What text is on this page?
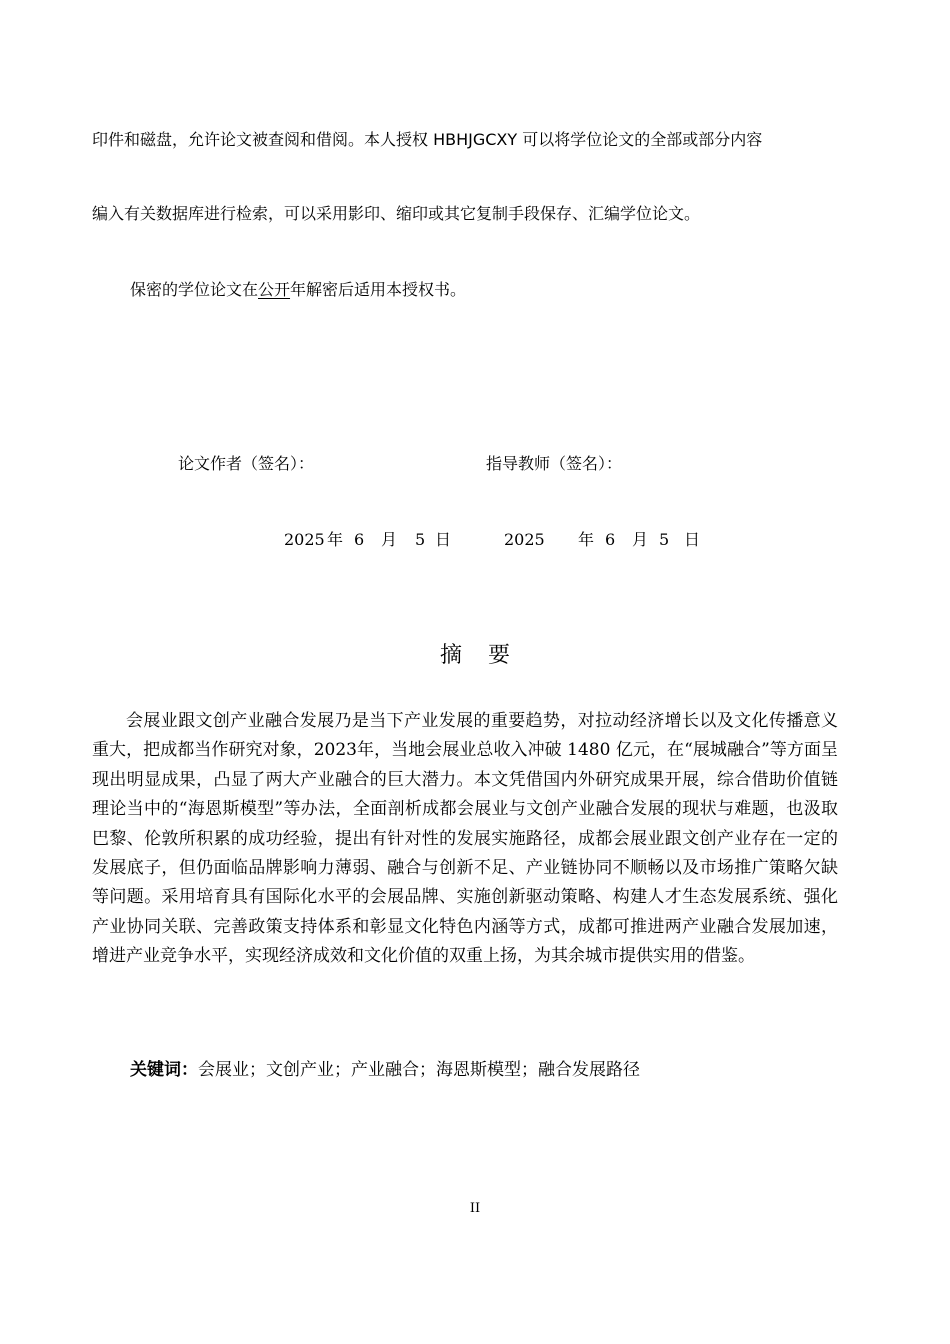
印件和磁盘，允许论文被查阅和借阅。本人授权 HBHJGCXY 可以将学位论文的全部或部分内容
编入有关数据库进行检索，可以采用影印、缩印或其它复制手段保存、汇编学位论文。
保密的学位论文在公开年解密后适用本授权书。
论文作者（签名）：	指导教师（签名）：
2025 年 6 月 5 日	2025 年 6 月 5 日
摘要

会展业跟文创产业融合发展乃是当下产业发展的重要趋势，对拉动经济增长以及文化传播意义重大，把成都当作研究对象，2023年，当地会展业总收入冲破 1480 亿元，在“展城融合”等方面呈现出明显成果，凸显了两大产业融合的巨大潜力。本文凭借国内外研究成果开展，综合借助价值链理论当中的“海恩斯模型”等办法，全面剖析成都会展业与文创产业融合发展的现状与难题，也汲取巴黎、伦敦所积累的成功经验，提出有针对性的发展实施路径，成都会展业跟文创产业存在一定的发展底子，但仍面临品牌影响力薄弱、融合与创新不足、产业链协同不顺畅以及市场推广策略欠缺等问题。采用培育具有国际化水平的会展品牌、实施创新驱动策略、构建人才生态发展系统、强化产业协同关联、完善政策支持体系和彰显文化特色内涵等方式，成都可推进两产业融合发展加速，增进产业竞争水平，实现经济成效和文化价值的双重上扬，为其余城市提供实用的借鉴。

关键词：会展业；文创产业；产业融合；海恩斯模型；融合发展路径
II
